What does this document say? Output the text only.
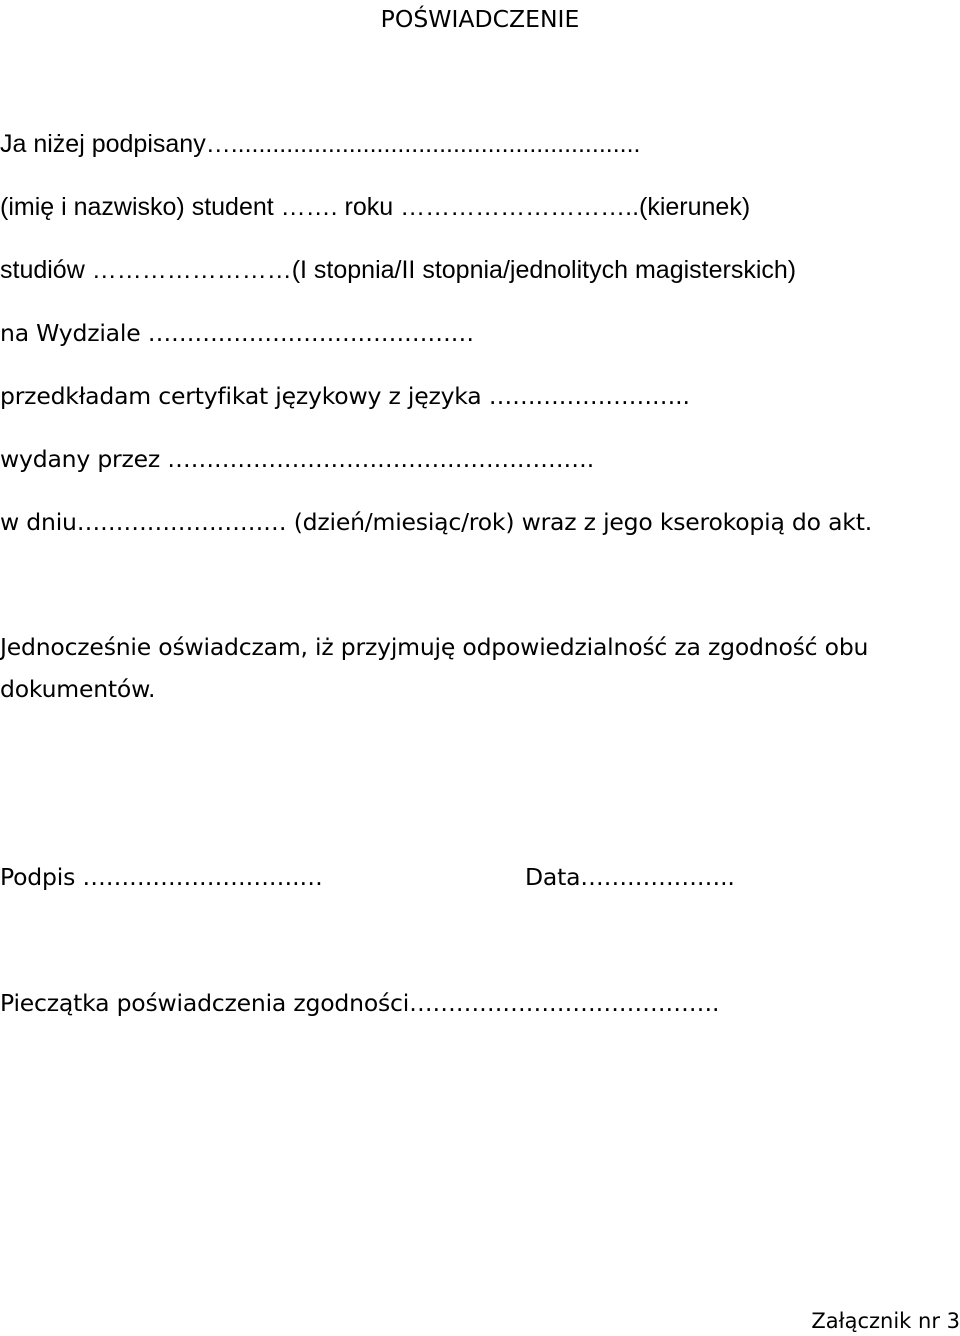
POŚWIADCZENIE
Ja niżej podpisany…...........................................................
(imię i nazwisko) student ……. roku ………………………..(kierunek)
studiów ……………………(I stopnia/II stopnia/jednolitych magisterskich)
na Wydziale ……………………………………
przedkładam certyfikat językowy z języka ……………………..
wydany przez ……………………………………………….
w dniu……………………… (dzień/miesiąc/rok) wraz z jego kserokopią do akt.
Jednocześnie oświadczam, iż przyjmuję odpowiedzialność za zgodność obu
dokumentów.
Podpis ……………………….…	Data………………..
Pieczątka poświadczenia zgodności………………………………….
Załącznik nr 3
